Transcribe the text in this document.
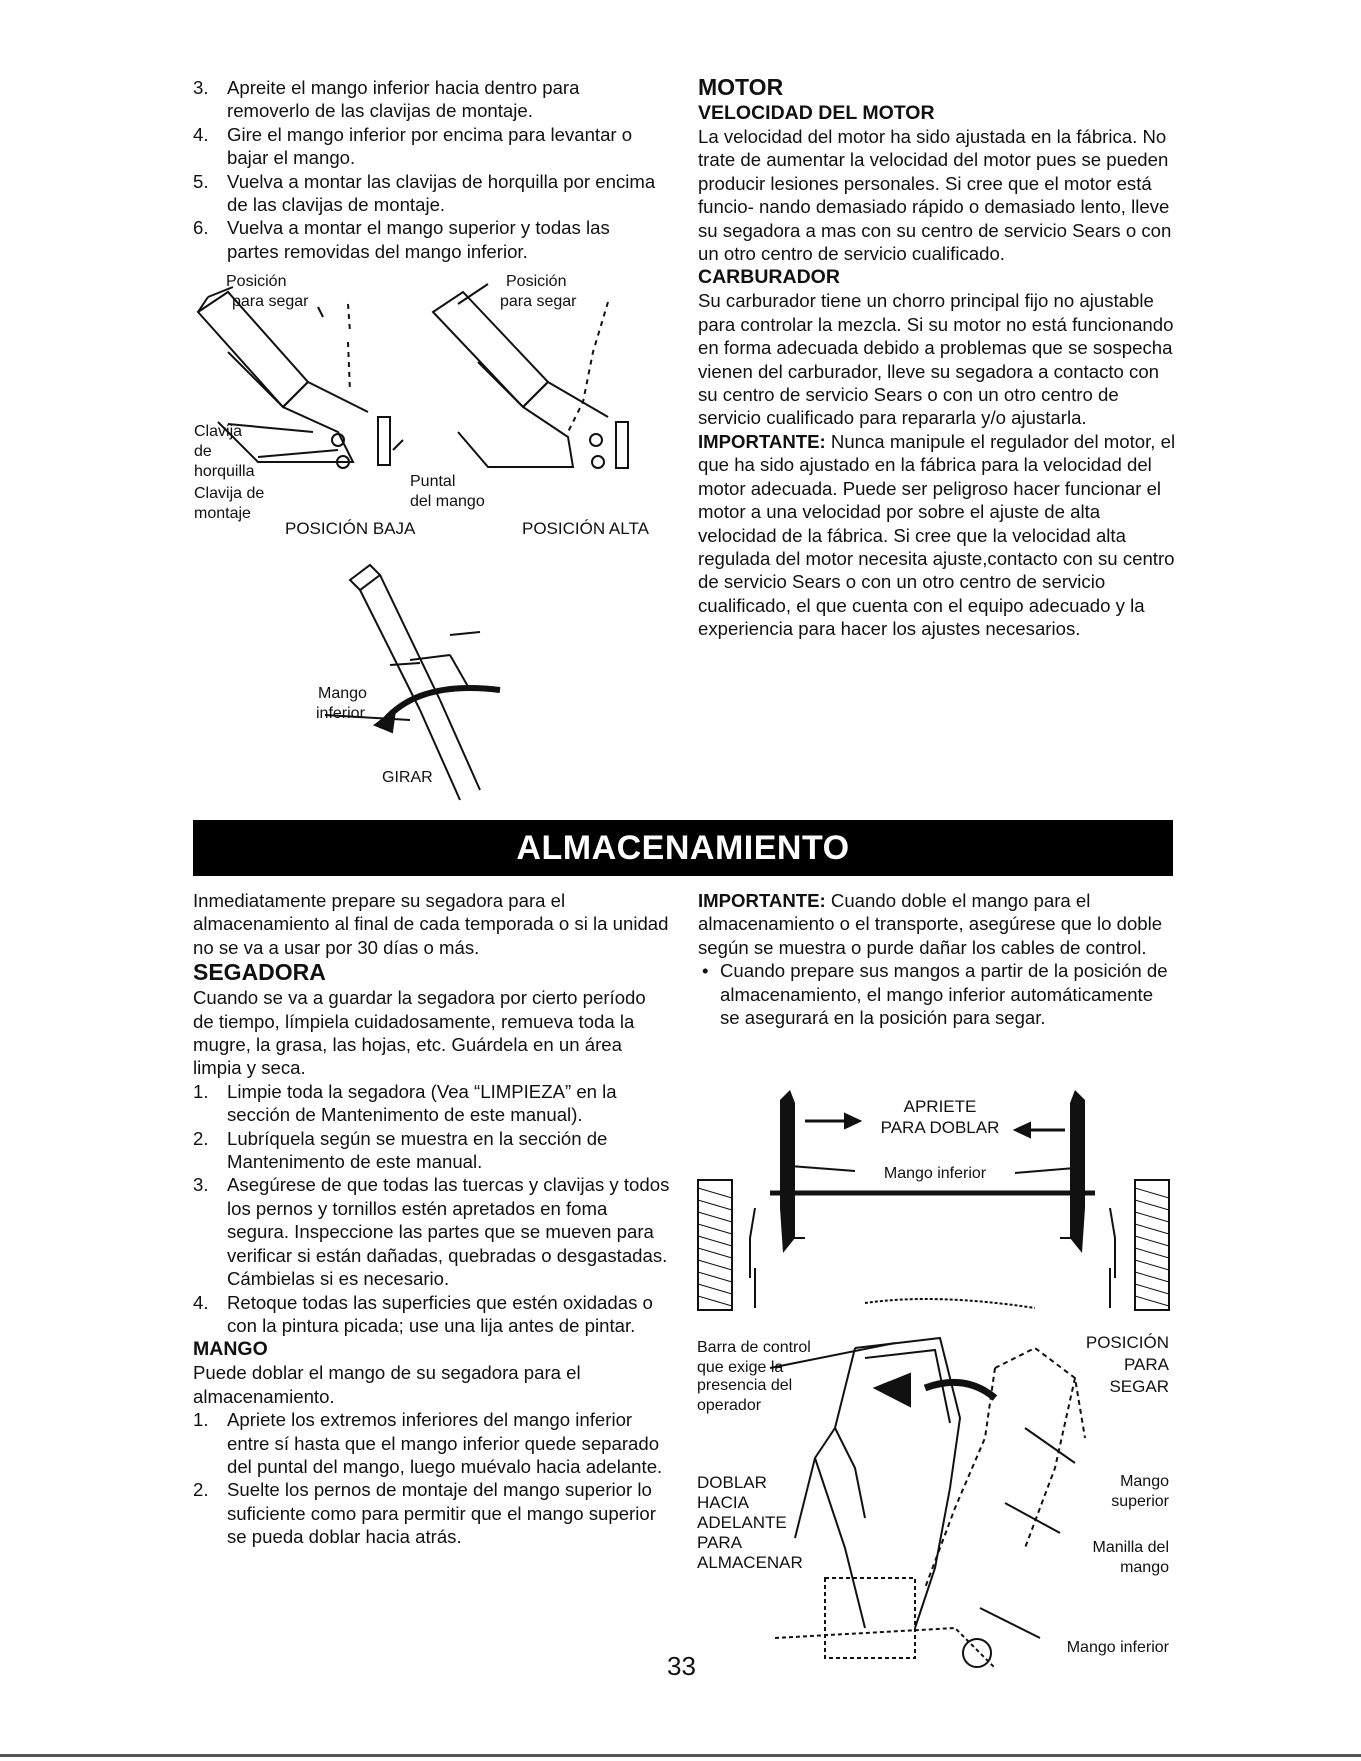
3. Apreite el mango inferior hacia dentro para removerlo de las clavijas de montaje.
4. Gire el mango inferior por encima para levantar o bajar el mango.
5. Vuelva a montar las clavijas de horquilla por encima de las clavijas de montaje.
6. Vuelva a montar el mango superior y todas las partes removidas del mango inferior.
Posición
para segar
Posición
para segar
Clavija
de
horquilla
Clavija de
montaje
Puntal
del mango
POSICIÓN BAJA	POSICIÓN ALTA
Mango
inferior
GIRAR

MOTOR

VELOCIDAD DEL MOTOR

La velocidad del motor ha sido ajustada en la fábrica. No trate de aumentar la velocidad del motor pues se pueden producir lesiones personales. Si cree que el motor está funcio- nando demasiado rápido o demasiado lento, lleve su segadora a mas con su centro de servicio Sears o con un otro centro de servicio cualificado.

CARBURADOR

Su carburador tiene un chorro principal fijo no ajustable para controlar la mezcla. Si su motor no está funcionando en forma adecuada debido a problemas que se sospecha vienen del carburador, lleve su segadora a contacto con su centro de servicio Sears o con un otro centro de servicio cualificado para repararla y/o ajustarla.

IMPORTANTE: Nunca manipule el regulador del motor, el que ha sido ajustado en la fábrica para la velocidad del motor adecuada. Puede ser peligroso hacer funcionar el motor a una velocidad por sobre el ajuste de alta velocidad de la fábrica. Si cree que la velocidad alta regulada del motor necesita ajuste,contacto con su centro de servicio Sears o con un otro centro de servicio cualificado, el que cuenta con el equipo adecuado y la experiencia para hacer los ajustes necesarios.

ALMACENAMIENTO

Inmediatamente prepare su segadora para el almacenamiento al final de cada temporada o si la unidad no se va a usar por 30 días o más.

SEGADORA

Cuando se va a guardar la segadora por cierto período de tiempo, límpiela cuidadosamente, remueva toda la mugre, la grasa, las hojas, etc. Guárdela en un área limpia y seca.

1. Limpie toda la segadora (Vea “LIMPIEZA” en la sección de Mantenimento de este manual).
2. Lubríquela según se muestra en la sección de Mantenimento de este manual.
3. Asegúrese de que todas las tuercas y clavijas y todos los pernos y tornillos estén apretados en foma segura. Inspeccione las partes que se mueven para verificar si están dañadas, quebradas o desgastadas. Cámbielas si es necesario.
4. Retoque todas las superficies que estén oxidadas o con la pintura picada; use una lija antes de pintar.

MANGO

Puede doblar el mango de su segadora para el almacenamiento.

1. Apriete los extremos inferiores del mango inferior entre sí hasta que el mango inferior quede separado del puntal del mango, luego muévalo hacia adelante.
2. Suelte los pernos de montaje del mango superior lo suficiente como para permitir que el mango superior se pueda doblar hacia atrás.

IMPORTANTE: Cuando doble el mango para el almacenamiento o el transporte, asegúrese que lo doble según se muestra o purde dañar los cables de control.

• Cuando prepare sus mangos a partir de la posición de almacenamiento, el mango inferior automáticamente se asegurará en la posición para segar.
APRIETE
PARA DOBLAR
Mango inferior
Barra de control
que exige la
presencia del
operador
POSICIÓN
PARA
SEGAR
DOBLAR
HACIA
ADELANTE
PARA
ALMACENAR
Mango
superior
Manilla del
mango
Mango inferior
33
